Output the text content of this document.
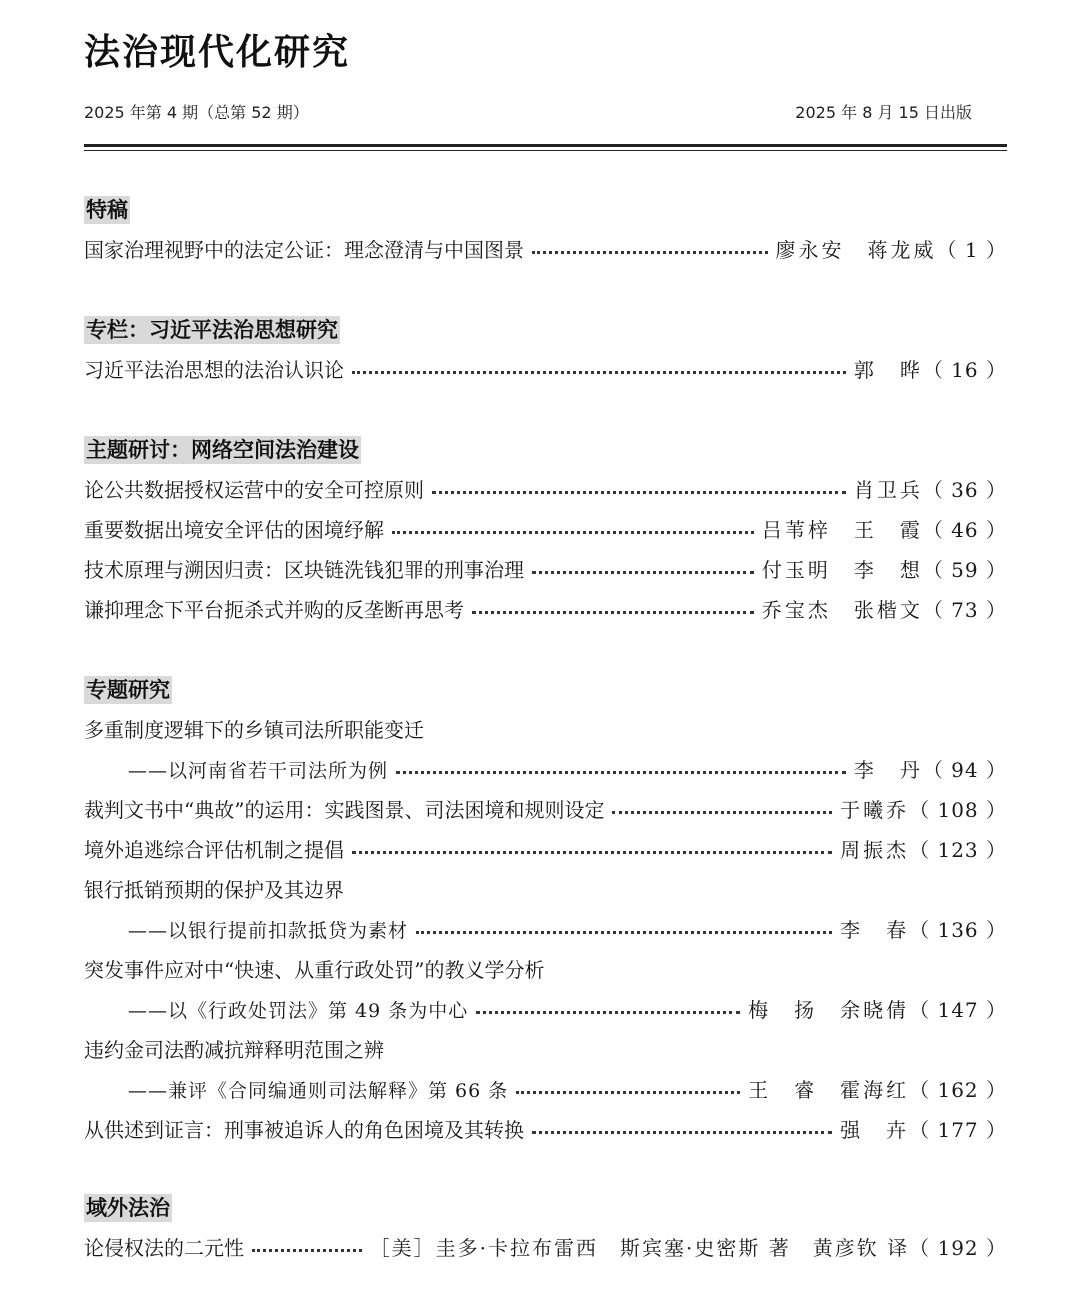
法治现代化研究
2025 年第 4 期（总第 52 期）	2025 年 8 月 15 日出版
特稿
国家治理视野中的法定公证：理念澄清与中国图景	廖永安　蒋龙威 （ 1 ）
专栏：习近平法治思想研究
习近平法治思想的法治认识论	郭　晔 （ 16 ）
主题研讨：网络空间法治建设
论公共数据授权运营中的安全可控原则	肖卫兵 （ 36 ）
重要数据出境安全评估的困境纾解	吕苇梓　王　霞 （ 46 ）
技术原理与溯因归责：区块链洗钱犯罪的刑事治理	付玉明　李　想 （ 59 ）
谦抑理念下平台扼杀式并购的反垄断再思考	乔宝杰　张楷文 （ 73 ）
专题研究
多重制度逻辑下的乡镇司法所职能变迁
——以河南省若干司法所为例	李　丹 （ 94 ）
裁判文书中“典故”的运用：实践图景、司法困境和规则设定	于曦乔 （ 108 ）
境外追逃综合评估机制之提倡	周振杰 （ 123 ）
银行抵销预期的保护及其边界
——以银行提前扣款抵贷为素材	李　春 （ 136 ）
突发事件应对中“快速、从重行政处罚”的教义学分析
——以《行政处罚法》第 49 条为中心	梅　扬　余晓倩 （ 147 ）
违约金司法酌减抗辩释明范围之辨
——兼评《合同编通则司法解释》第 66 条	王　睿　霍海红 （ 162 ）
从供述到证言：刑事被追诉人的角色困境及其转换	强　卉 （ 177 ）
域外法治
论侵权法的二元性	［美］圭多·卡拉布雷西　斯宾塞·史密斯 著　黄彦钦 译 （ 192 ）
